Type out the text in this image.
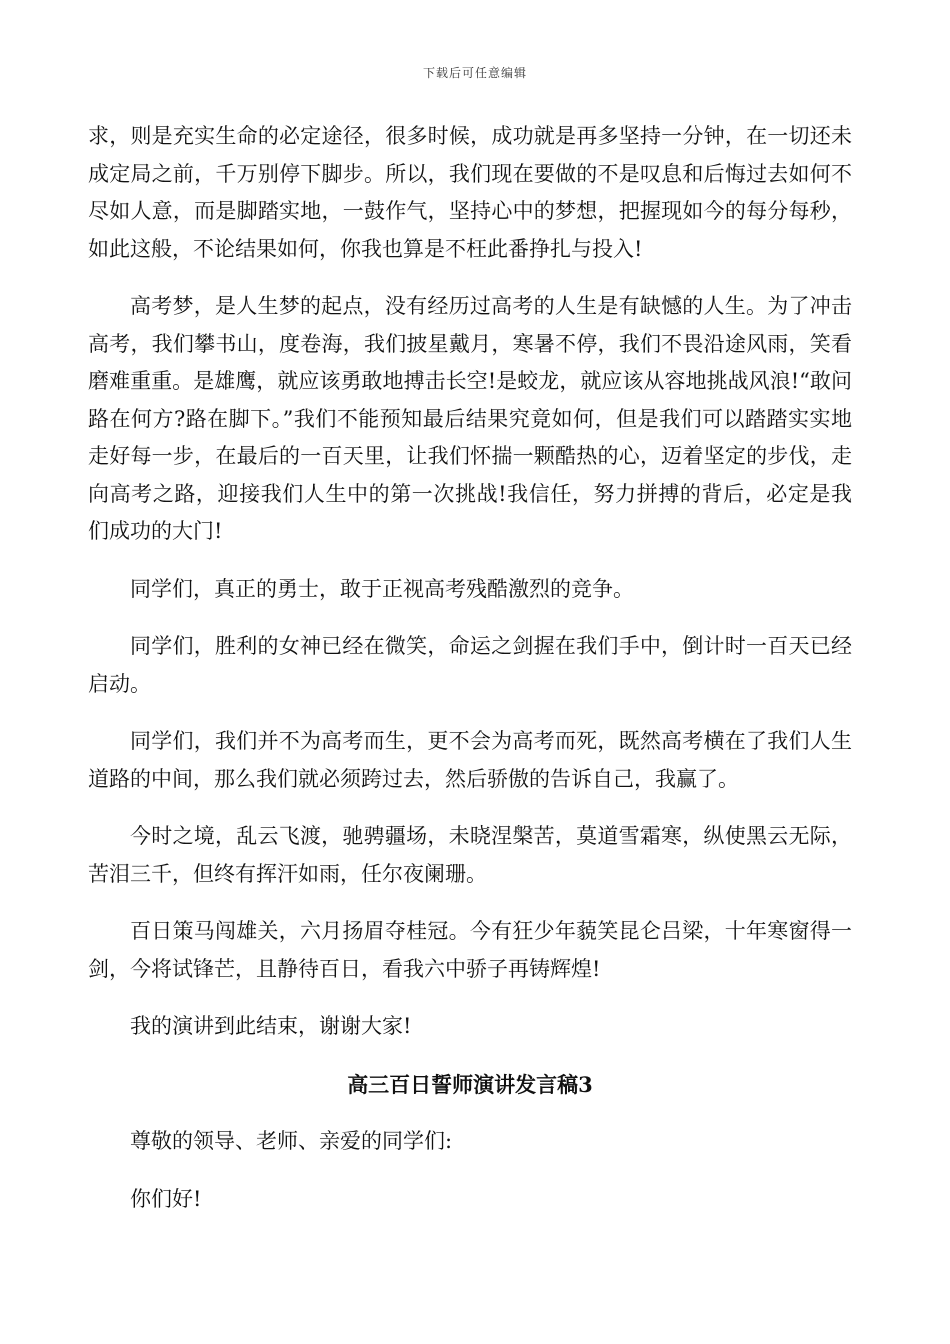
下载后可任意编辑

求，则是充实生命的必定途径，很多时候，成功就是再多坚持一分钟，在一切还未成定局之前，千万别停下脚步。所以，我们现在要做的不是叹息和后悔过去如何不尽如人意，而是脚踏实地，一鼓作气，坚持心中的梦想，把握现如今的每分每秒，如此这般，不论结果如何，你我也算是不枉此番挣扎与投入!

高考梦，是人生梦的起点，没有经历过高考的人生是有缺憾的人生。为了冲击高考，我们攀书山，度卷海，我们披星戴月，寒暑不停，我们不畏沿途风雨，笑看磨难重重。是雄鹰，就应该勇敢地搏击长空!是蛟龙，就应该从容地挑战风浪!“敢问路在何方?路在脚下。”我们不能预知最后结果究竟如何，但是我们可以踏踏实实地走好每一步，在最后的一百天里，让我们怀揣一颗酷热的心，迈着坚定的步伐，走向高考之路，迎接我们人生中的第一次挑战!我信任，努力拼搏的背后，必定是我们成功的大门!

同学们，真正的勇士，敢于正视高考残酷激烈的竞争。

同学们，胜利的女神已经在微笑，命运之剑握在我们手中，倒计时一百天已经启动。

同学们，我们并不为高考而生，更不会为高考而死，既然高考横在了我们人生道路的中间，那么我们就必须跨过去，然后骄傲的告诉自己，我赢了。

今时之境，乱云飞渡，驰骋疆场，未晓涅槃苦，莫道雪霜寒，纵使黑云无际，苦泪三千，但终有挥汗如雨，任尔夜阑珊。

百日策马闯雄关，六月扬眉夺桂冠。今有狂少年藐笑昆仑吕梁，十年寒窗得一剑，今将试锋芒，且静待百日，看我六中骄子再铸辉煌!

我的演讲到此结束，谢谢大家!

高三百日誓师演讲发言稿3

尊敬的领导、老师、亲爱的同学们:

你们好!
